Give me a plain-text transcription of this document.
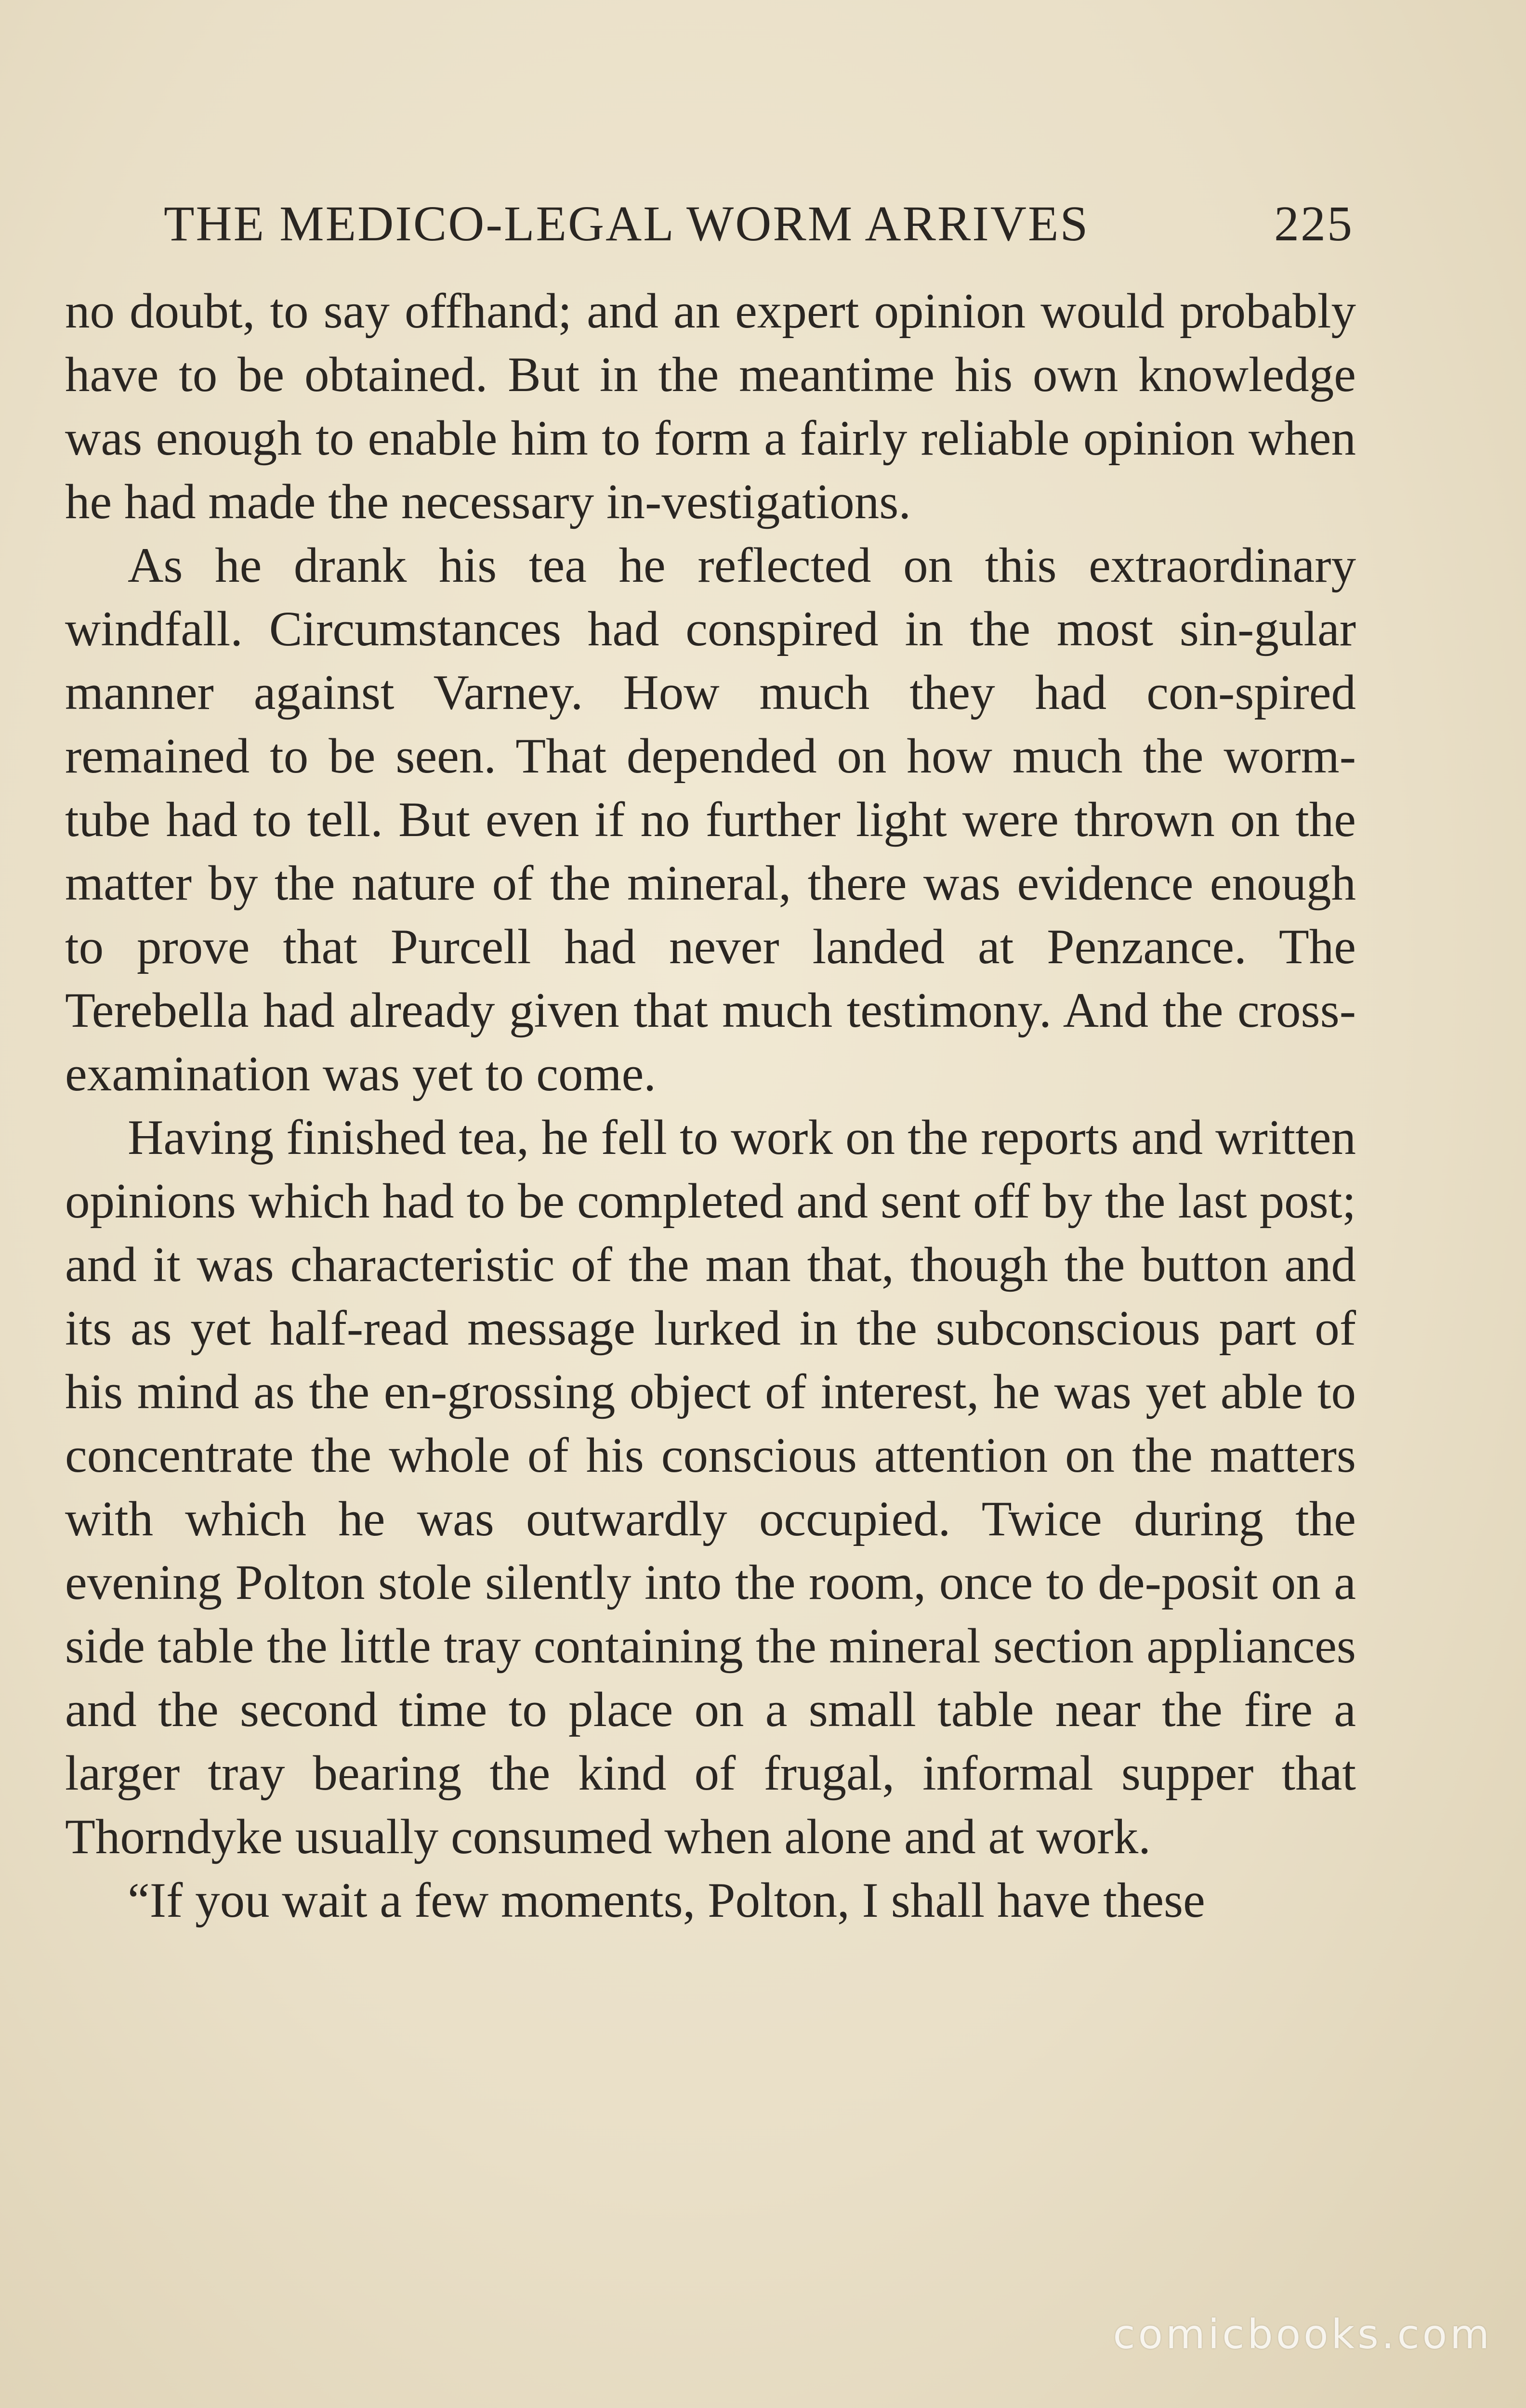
THE MEDICO-LEGAL WORM ARRIVES	225

no doubt, to say offhand; and an expert opinion would probably have to be obtained. But in the meantime his own knowledge was enough to enable him to form a fairly reliable opinion when he had made the necessary in-vestigations.

As he drank his tea he reflected on this extraordinary windfall. Circumstances had conspired in the most sin-gular manner against Varney. How much they had con-spired remained to be seen. That depended on how much the worm-tube had to tell. But even if no further light were thrown on the matter by the nature of the mineral, there was evidence enough to prove that Purcell had never landed at Penzance. The Terebella had already given that much testimony. And the cross-examination was yet to come.

Having finished tea, he fell to work on the reports and written opinions which had to be completed and sent off by the last post; and it was characteristic of the man that, though the button and its as yet half-read message lurked in the subconscious part of his mind as the en-grossing object of interest, he was yet able to concentrate the whole of his conscious attention on the matters with which he was outwardly occupied. Twice during the evening Polton stole silently into the room, once to de-posit on a side table the little tray containing the mineral section appliances and the second time to place on a small table near the fire a larger tray bearing the kind of frugal, informal supper that Thorndyke usually consumed when alone and at work.

“If you wait a few moments, Polton, I shall have these

comicbooks.com
